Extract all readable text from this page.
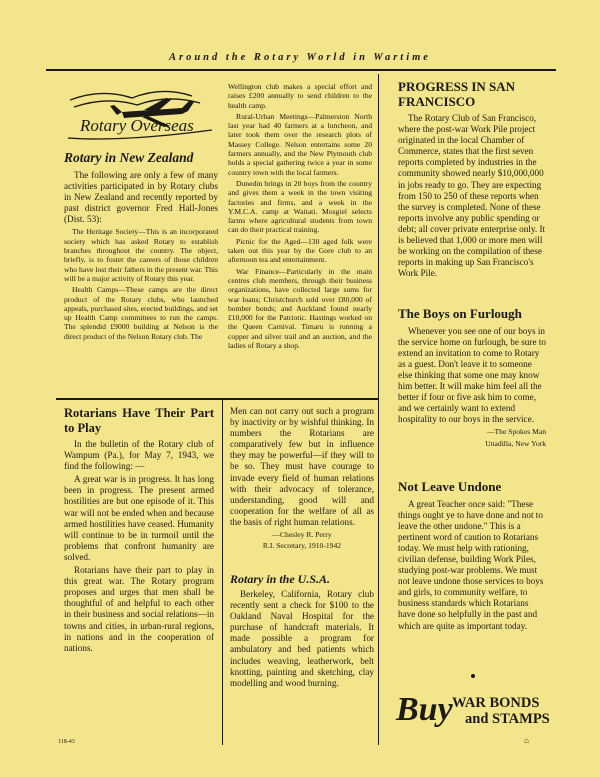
Around the Rotary World in Wartime
Rotary Overseas
Rotary in New Zealand

The following are only a few of many activities participated in by Rotary clubs in New Zealand and recently reported by past district governor Fred Hall-Jones (Dist. 53):

The Heritage Society—This is an incorporated society which has asked Rotary to establish branches throughout the country. The object, briefly, is to foster the careers of those children who have lost their fathers in the present war. This will be a major activity of Rotary this year.

Health Camps—These camps are the direct product of the Rotary clubs, who launched appeals, purchased sites, erected buildings, and set up Health Camp committees to run the camps. The splendid £9000 building at Nelson is the direct product of the Nelson Rotary club. The

Wellington club makes a special effort and raises £200 annually to send children to the health camp.

Rural-Urban Meetings—Palmerston North last year had 40 farmers at a luncheon, and later took them over the research plots of Massey College. Nelson entertains some 20 farmers annually, and the New Plymouth club holds a special gathering twice a year in some country town with the local farmers.

Dunedin brings in 20 boys from the country and gives them a week in the town visiting factories and firms, and a week in the Y.M.C.A. camp at Waitati. Mosgiel selects farms where agricultural students from town can do their practical training.

Picnic for the Aged—130 aged folk were taken out this year by the Gore club to an afternoon tea and entertainment.

War Finance—Particularly in the main centres club members, through their business organizations, have collected large sums for war loans; Christchurch sold over £80,000 of bomber bonds; and Auckland found nearly £10,000 for the Patriotic. Hastings worked on the Queen Carnival. Timaru is running a copper and silver trail and an auction, and the ladies of Rotary a shop.

PROGRESS IN SAN FRANCISCO

The Rotary Club of San Francisco, where the post-war Work Pile project originated in the local Chamber of Commerce, states that the first seven reports completed by industries in the community showed nearly $10,000,000 in jobs ready to go. They are expecting from 150 to 250 of these reports when the survey is completed. None of these reports involve any public spending or debt; all cover private enterprise only. It is believed that 1,000 or more men will be working on the compilation of these reports in making up San Francisco's Work Pile.

The Boys on Furlough

Whenever you see one of our boys in the service home on furlough, be sure to extend an invitation to come to Rotary as a guest. Don't leave it to someone else thinking that some one may know him better. It will make him feel all the better if four or five ask him to come, and we certainly want to extend hospitality to our boys in the service.

—The Spokes Man

Unadilla, New York

Not Leave Undone

A great Teacher once said: "These things ought ye to have done and not to leave the other undone." This is a pertinent word of caution to Rotarians today. We must help with rationing, civilian defense, building Work Piles, studying post-war problems. We must not leave undone those services to boys and girls, to community welfare, to business standards which Rotarians have done so helpfully in the past and which are quite as important today.

Rotarians Have Their Part to Play

In the bulletin of the Rotary club of Wampum (Pa.), for May 7, 1943, we find the following: —

A great war is in progress. It has long been in progress. The present armed hostilities are but one episode of it. This war will not be ended when and because armed hostilities have ceased. Humanity will continue to be in turmoil until the problems that confront humanity are solved.

Rotarians have their part to play in this great war. The Rotary program proposes and urges that men shall be thoughtful of and helpful to each other in their business and social relations—in towns and cities, in urban-rural regions, in nations and in the cooperation of nations.

Men can not carry out such a program by inactivity or by wishful thinking. In numbers the Rotarians are comparatively few but in influence they may be powerful—if they will to be so. They must have courage to invade every field of human relations with their advocacy of tolerance, understanding, good will and cooperation for the welfare of all as the basis of right human relations.

—Chesley R. Perry

R.I. Secretary, 1910-1942

Rotary in the U.S.A.

Berkeley, California, Rotary club recently sent a check for $100 to the Oakland Naval Hospital for the purchase of handcraft materials. It made possible a program for ambulatory and bed patients which includes weaving, leatherwork, belt knotting, painting and sketching, clay modelling and wood burning.

Buy WAR BONDS
and STAMPS
118-43	⌂
